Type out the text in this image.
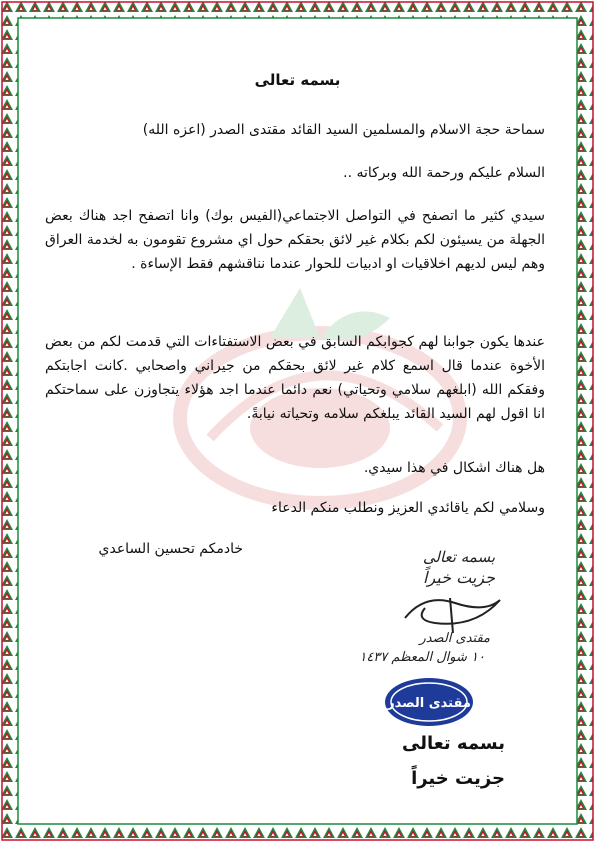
بسمه تعالى
سماحة حجة الاسلام والمسلمين السيد القائد مقتدى الصدر (اعزه الله)
السلام عليكم ورحمة الله وبركاته ..
سيدي كثير ما اتصفح في التواصل الاجتماعي(الفيس بوك) وانا اتصفح اجد هناك بعض الجهلة من يسيئون لكم بكلام غير لائق بحقكم حول اي مشروع تقومون به لخدمة العراق وهم ليس لديهم اخلاقيات او ادبيات للحوار عندما نناقشهم فقط الإساءة .
عندها يكون جوابنا لهم كجوابكم السابق في بعض الاستفتاءات التي قدمت لكم من بعض الأخوة عندما قال اسمع كلام غير لائق بحقكم من جيراني واصحابي .كانت اجابتكم وفقكم الله (ابلغهم سلامي وتحياتي) نعم دائما عندما اجد هؤلاء يتجاوزن على سماحتكم انا اقول لهم السيد القائد يبلغكم سلامه وتحياته نيابةً.
هل هناك اشكال في هذا سيدي.
وسلامي لكم ياقائدي العزيز ونطلب منكم الدعاء
خادمكم تحسين الساعدي	بسمه تعالى
جزيت خيراً
مقتدى الصدر
١٠ شوال المعظم ١٤٣٧
مقتدى الصدر
بسمه تعالى
جزيت خيراً
